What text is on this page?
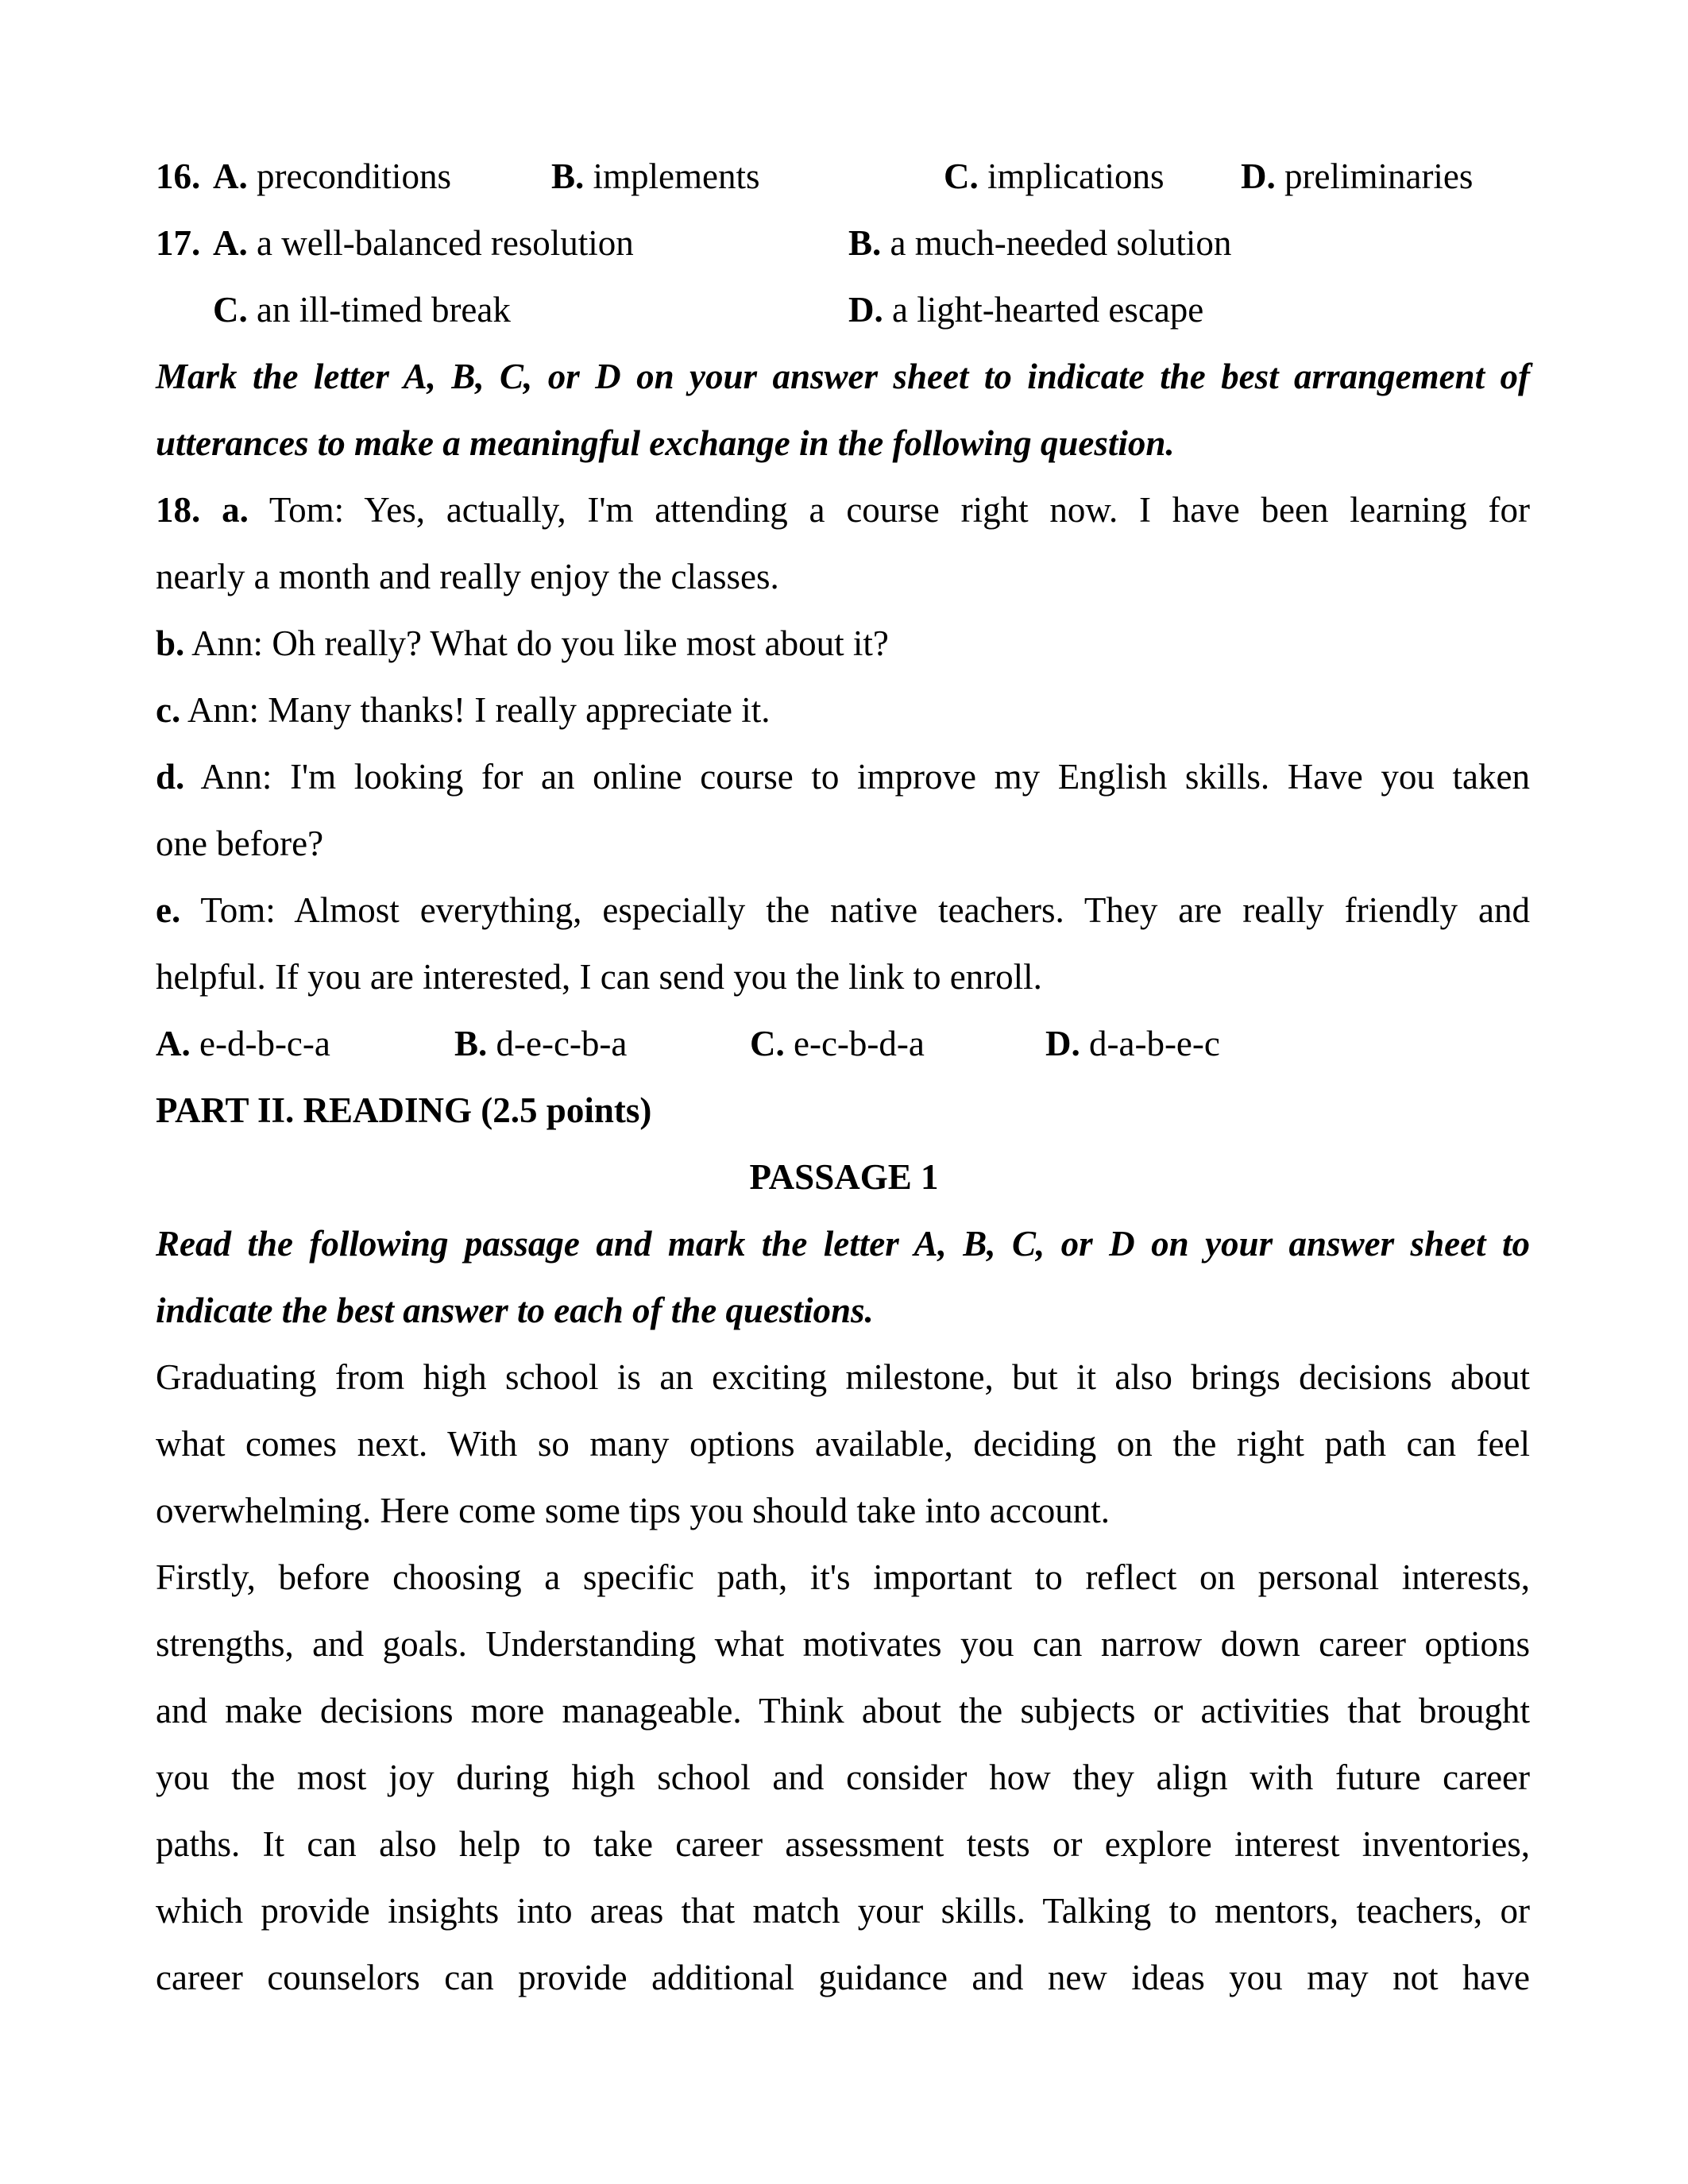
16. A. preconditions	B. implements	C. implications D. preliminaries
17. A. a well-balanced resolution	B. a much-needed solution
C. an ill-timed break	D. a light-hearted escape
Mark the letter A, B, C, or D on your answer sheet to indicate the best arrangement of
utterances to make a meaningful exchange in the following question.
18. a. Tom: Yes, actually, I'm attending a course right now. I have been learning for
nearly a month and really enjoy the classes.
b. Ann: Oh really? What do you like most about it?
c. Ann: Many thanks! I really appreciate it.
d. Ann: I'm looking for an online course to improve my English skills. Have you taken
one before?
e. Tom: Almost everything, especially the native teachers. They are really friendly and
helpful. If you are interested, I can send you the link to enroll.
A. e-d-b-c-a	B. d-e-c-b-a	C. e-c-b-d-a	D. d-a-b-e-c
PART II. READING (2.5 points)
PASSAGE 1
Read the following passage and mark the letter A, B, C, or D on your answer sheet to
indicate the best answer to each of the questions.
Graduating from high school is an exciting milestone, but it also brings decisions about
what comes next. With so many options available, deciding on the right path can feel
overwhelming. Here come some tips you should take into account.
Firstly, before choosing a specific path, it's important to reflect on personal interests,
strengths, and goals. Understanding what motivates you can narrow down career options
and make decisions more manageable. Think about the subjects or activities that brought
you the most joy during high school and consider how they align with future career
paths. It can also help to take career assessment tests or explore interest inventories,
which provide insights into areas that match your skills. Talking to mentors, teachers, or
career counselors can provide additional guidance and new ideas you may not have
